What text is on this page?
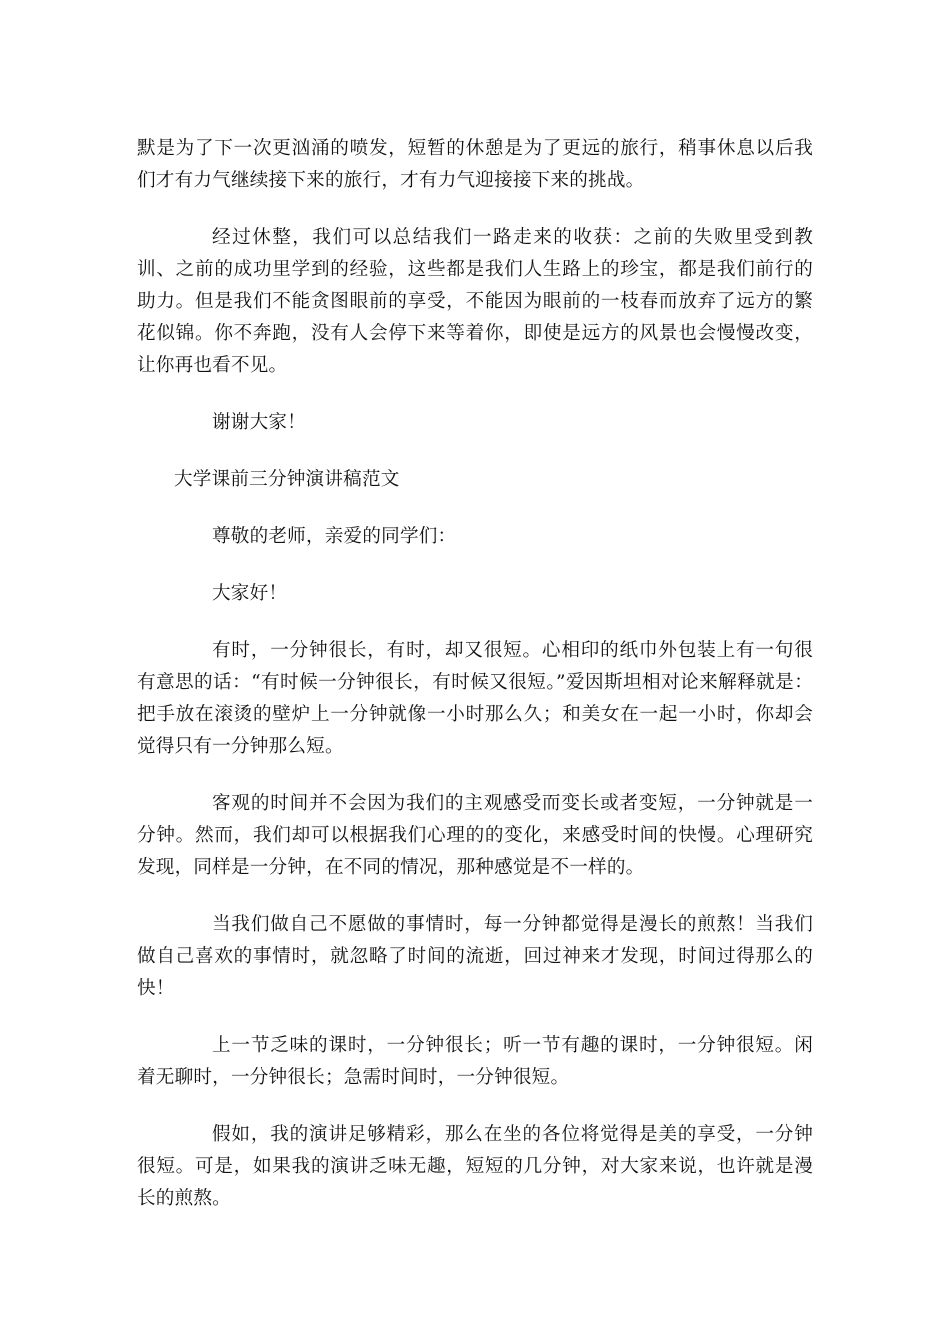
默是为了下一次更汹涌的喷发，短暂的休憩是为了更远的旅行，稍事休息以后我们才有力气继续接下来的旅行，才有力气迎接接下来的挑战。

经过休整，我们可以总结我们一路走来的收获：之前的失败里受到教训、之前的成功里学到的经验，这些都是我们人生路上的珍宝，都是我们前行的助力。但是我们不能贪图眼前的享受，不能因为眼前的一枝春而放弃了远方的繁花似锦。你不奔跑，没有人会停下来等着你，即使是远方的风景也会慢慢改变，让你再也看不见。

谢谢大家！

大学课前三分钟演讲稿范文

尊敬的老师，亲爱的同学们：

大家好！

有时，一分钟很长，有时，却又很短。心相印的纸巾外包装上有一句很有意思的话：“有时候一分钟很长，有时候又很短。”爱因斯坦相对论来解释就是：把手放在滚烫的壁炉上一分钟就像一小时那么久；和美女在一起一小时，你却会觉得只有一分钟那么短。

客观的时间并不会因为我们的主观感受而变长或者变短，一分钟就是一分钟。然而，我们却可以根据我们心理的的变化，来感受时间的快慢。心理研究发现，同样是一分钟，在不同的情况，那种感觉是不一样的。

当我们做自己不愿做的事情时，每一分钟都觉得是漫长的煎熬！当我们做自己喜欢的事情时，就忽略了时间的流逝，回过神来才发现，时间过得那么的快！

上一节乏味的课时，一分钟很长；听一节有趣的课时，一分钟很短。闲着无聊时，一分钟很长；急需时间时，一分钟很短。

假如，我的演讲足够精彩，那么在坐的各位将觉得是美的享受，一分钟很短。可是，如果我的演讲乏味无趣，短短的几分钟，对大家来说，也许就是漫长的煎熬。
